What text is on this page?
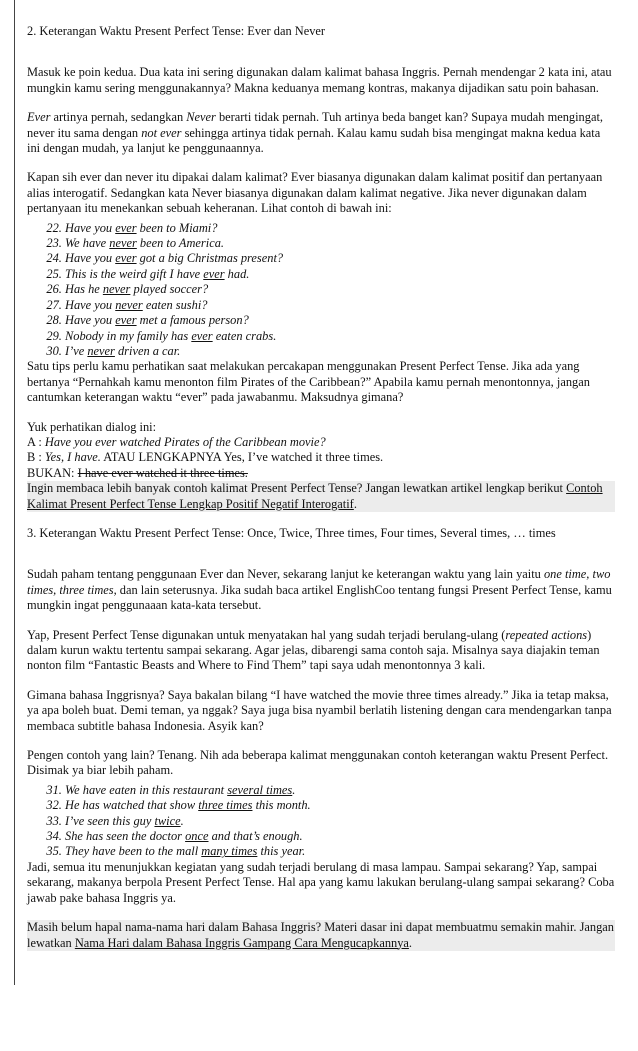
2. Keterangan Waktu Present Perfect Tense: Ever dan Never

Masuk ke poin kedua. Dua kata ini sering digunakan dalam kalimat bahasa Inggris. Pernah mendengar 2 kata ini, atau mungkin kamu sering menggunakannya? Makna keduanya memang kontras, makanya dijadikan satu poin bahasan.

Ever artinya pernah, sedangkan Never berarti tidak pernah. Tuh artinya beda banget kan? Supaya mudah mengingat, never itu sama dengan not ever sehingga artinya tidak pernah. Kalau kamu sudah bisa mengingat makna kedua kata ini dengan mudah, ya lanjut ke penggunaannya.

Kapan sih ever dan never itu dipakai dalam kalimat? Ever biasanya digunakan dalam kalimat positif dan pertanyaan alias interogatif. Sedangkan kata Never biasanya digunakan dalam kalimat negative. Jika never digunakan dalam pertanyaan itu menekankan sebuah keheranan. Lihat contoh di bawah ini:

22. Have you ever been to Miami?
23. We have never been to America.
24. Have you ever got a big Christmas present?
25. This is the weird gift I have ever had.
26. Has he never played soccer?
27. Have you never eaten sushi?
28. Have you ever met a famous person?
29. Nobody in my family has ever eaten crabs.
30. I’ve never driven a car.

Satu tips perlu kamu perhatikan saat melakukan percakapan menggunakan Present Perfect Tense. Jika ada yang bertanya “Pernahkah kamu menonton film Pirates of the Caribbean?” Apabila kamu pernah menontonnya, jangan cantumkan keterangan waktu “ever” pada jawabanmu. Maksudnya gimana?

Yuk perhatikan dialog ini:

A : Have you ever watched Pirates of the Caribbean movie?

B : Yes, I have. ATAU LENGKAPNYA Yes, I’ve watched it three times.

BUKAN: I have ever watched it three times.

Ingin membaca lebih banyak contoh kalimat Present Perfect Tense? Jangan lewatkan artikel lengkap berikut Contoh Kalimat Present Perfect Tense Lengkap Positif Negatif Interogatif.

3. Keterangan Waktu Present Perfect Tense: Once, Twice, Three times, Four times, Several times, … times

Sudah paham tentang penggunaan Ever dan Never, sekarang lanjut ke keterangan waktu yang lain yaitu one time, two times, three times, dan lain seterusnya. Jika sudah baca artikel EnglishCoo tentang fungsi Present Perfect Tense, kamu mungkin ingat penggunaaan kata-kata tersebut.

Yap, Present Perfect Tense digunakan untuk menyatakan hal yang sudah terjadi berulang-ulang (repeated actions) dalam kurun waktu tertentu sampai sekarang. Agar jelas, dibarengi sama contoh saja. Misalnya saya diajakin teman nonton film “Fantastic Beasts and Where to Find Them” tapi saya udah menontonnya 3 kali.

Gimana bahasa Inggrisnya? Saya bakalan bilang “I have watched the movie three times already.” Jika ia tetap maksa, ya apa boleh buat. Demi teman, ya nggak? Saya juga bisa nyambil berlatih listening dengan cara mendengarkan tanpa membaca subtitle bahasa Indonesia. Asyik kan?

Pengen contoh yang lain? Tenang. Nih ada beberapa kalimat menggunakan contoh keterangan waktu Present Perfect. Disimak ya biar lebih paham.

31. We have eaten in this restaurant several times.
32. He has watched that show three times this month.
33. I’ve seen this guy twice.
34. She has seen the doctor once and that’s enough.
35. They have been to the mall many times this year.

Jadi, semua itu menunjukkan kegiatan yang sudah terjadi berulang di masa lampau. Sampai sekarang? Yap, sampai sekarang, makanya berpola Present Perfect Tense. Hal apa yang kamu lakukan berulang-ulang sampai sekarang? Coba jawab pake bahasa Inggris ya.

Masih belum hapal nama-nama hari dalam Bahasa Inggris? Materi dasar ini dapat membuatmu semakin mahir. Jangan lewatkan Nama Hari dalam Bahasa Inggris Gampang Cara Mengucapkannya.
